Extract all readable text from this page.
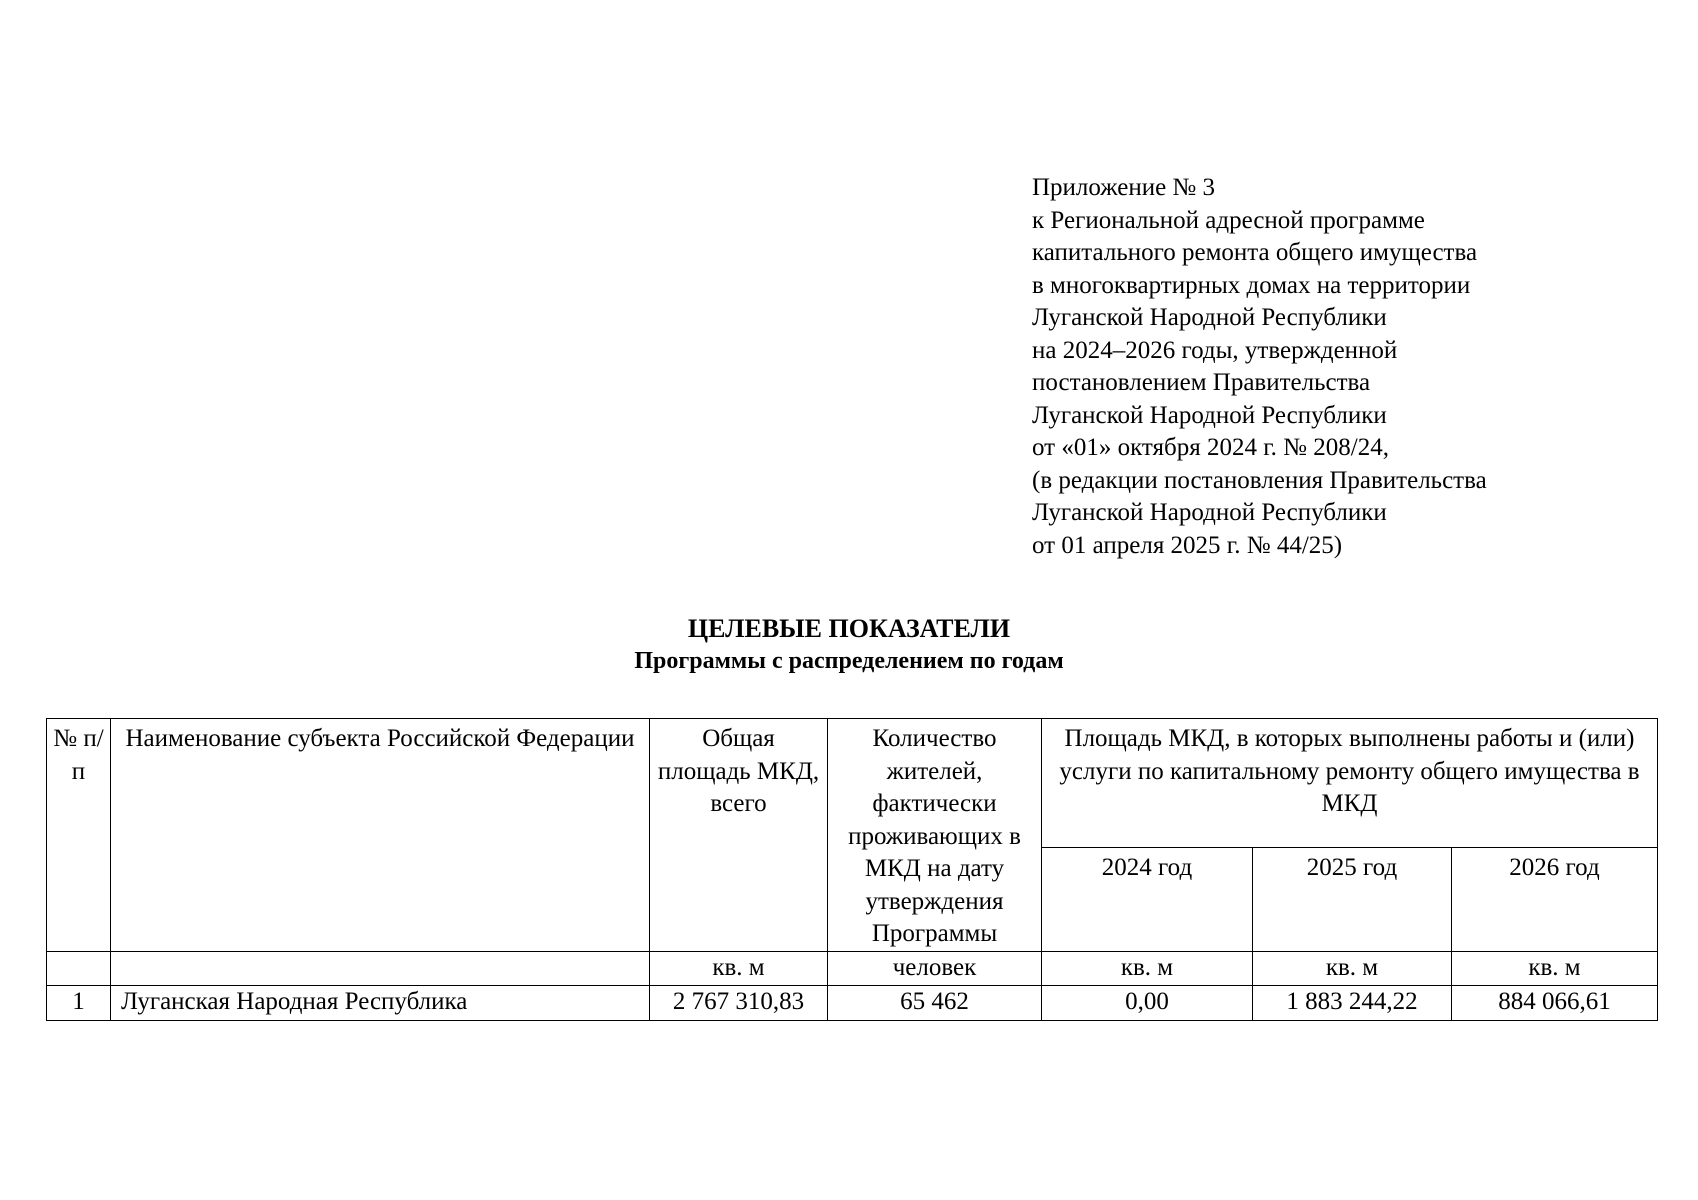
Приложение № 3
к Региональной адресной программе
капитального ремонта общего имущества
в многоквартирных домах на территории
Луганской Народной Республики
на 2024–2026 годы, утвержденной
постановлением Правительства
Луганской Народной Республики
от «01» октября 2024 г. № 208/24,
(в редакции постановления Правительства
Луганской Народной Республики
от 01 апреля 2025 г. № 44/25)
ЦЕЛЕВЫЕ ПОКАЗАТЕЛИ
Программы с распределением по годам
№ п/п	Наименование субъекта Российской Федерации	Общая площадь МКД, всего	Количество жителей, фактически проживающих в МКД на дату утверждения Программы	Площадь МКД, в которых выполнены работы и (или) услуги по капитальному ремонту общего имущества в МКД		
				2024 год	2025 год	2026 год
		кв. м	человек	кв. м	кв. м	кв. м
1	Луганская Народная Республика	2 767 310,83	65 462	0,00	1 883 244,22	884 066,61
